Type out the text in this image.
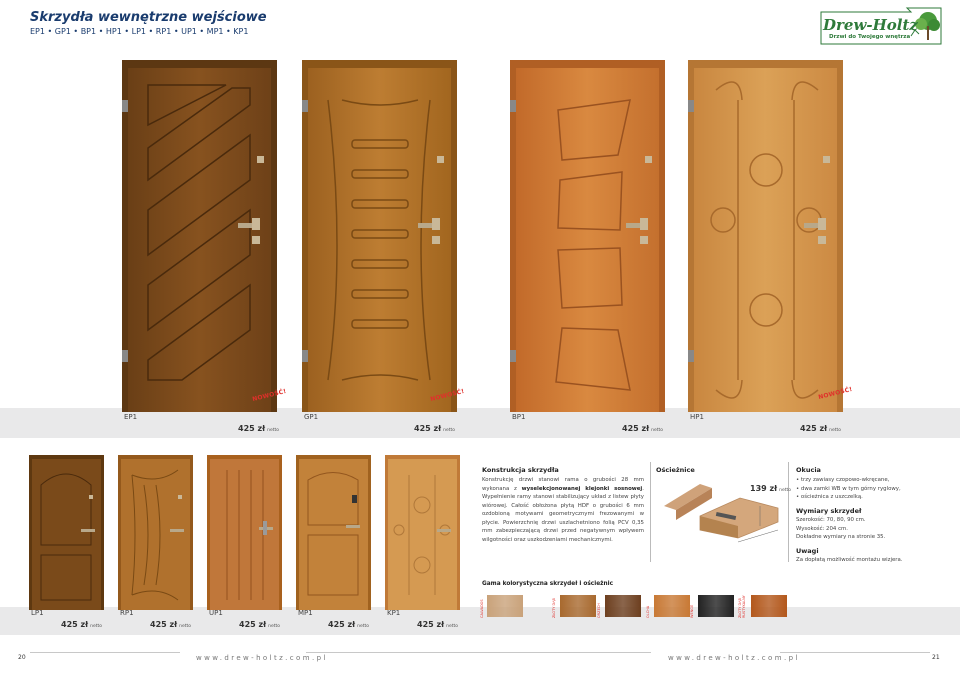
Skrzydła wewnętrzne wejściowe
EP1 • GP1 • BP1 • HP1 • LP1 • RP1 • UP1 • MP1 • KP1	Drew-Holtz
Drzwi do Twojego wnętrza
EP1
425 zł netto
NOWOŚĆ!
GP1
425 zł netto
NOWOŚĆ!
BP1
425 zł netto
HP1
425 zł netto
NOWOŚĆ!
LP1
425 zł netto
RP1
425 zł netto
UP1
425 zł netto
MP1
425 zł netto
KP1
425 zł netto
Konstrukcja skrzydła
Konstrukcję drzwi stanowi rama o grubości 28 mm wykonana z wyselekcjonowanej klejonki sosnowej. Wypełnienie ramy stanowi stabilizujący układ z listew płyty wiórowej. Całość obłożona płytą HDF o grubości 6 mm ozdobioną motywami geometrycznymi frezowanymi w płycie. Powierzchnię drzwi uszlachetniono folią PCV 0,35 mm zabezpieczającą drzwi przed negatywnym wpływem wilgotności oraz uszkodzeniami mechanicznymi.
Ościeżnice
139 zł netto
Okucia
• trzy zawiasy czopowo-wkręcane,
• dwa zamki WB w tym górny ryglowy,
• ościeżnica z uszczelką.
Wymiary skrzydeł
Szerokość: 70, 80, 90 cm.
Wysokość: 204 cm.
Dokładne wymiary na stronie 35.
Uwagi
Za dopłatą możliwość montażu wizjera.
Gama kolorystyczna skrzydeł i ościeżnic
CALVADOS	ZŁOTY DĄB	ORZECH	OLCHA	WENGE	ZŁOTY DĄB RUSTYKALNY
20	www.drew-holtz.com.pl	www.drew-holtz.com.pl	21
